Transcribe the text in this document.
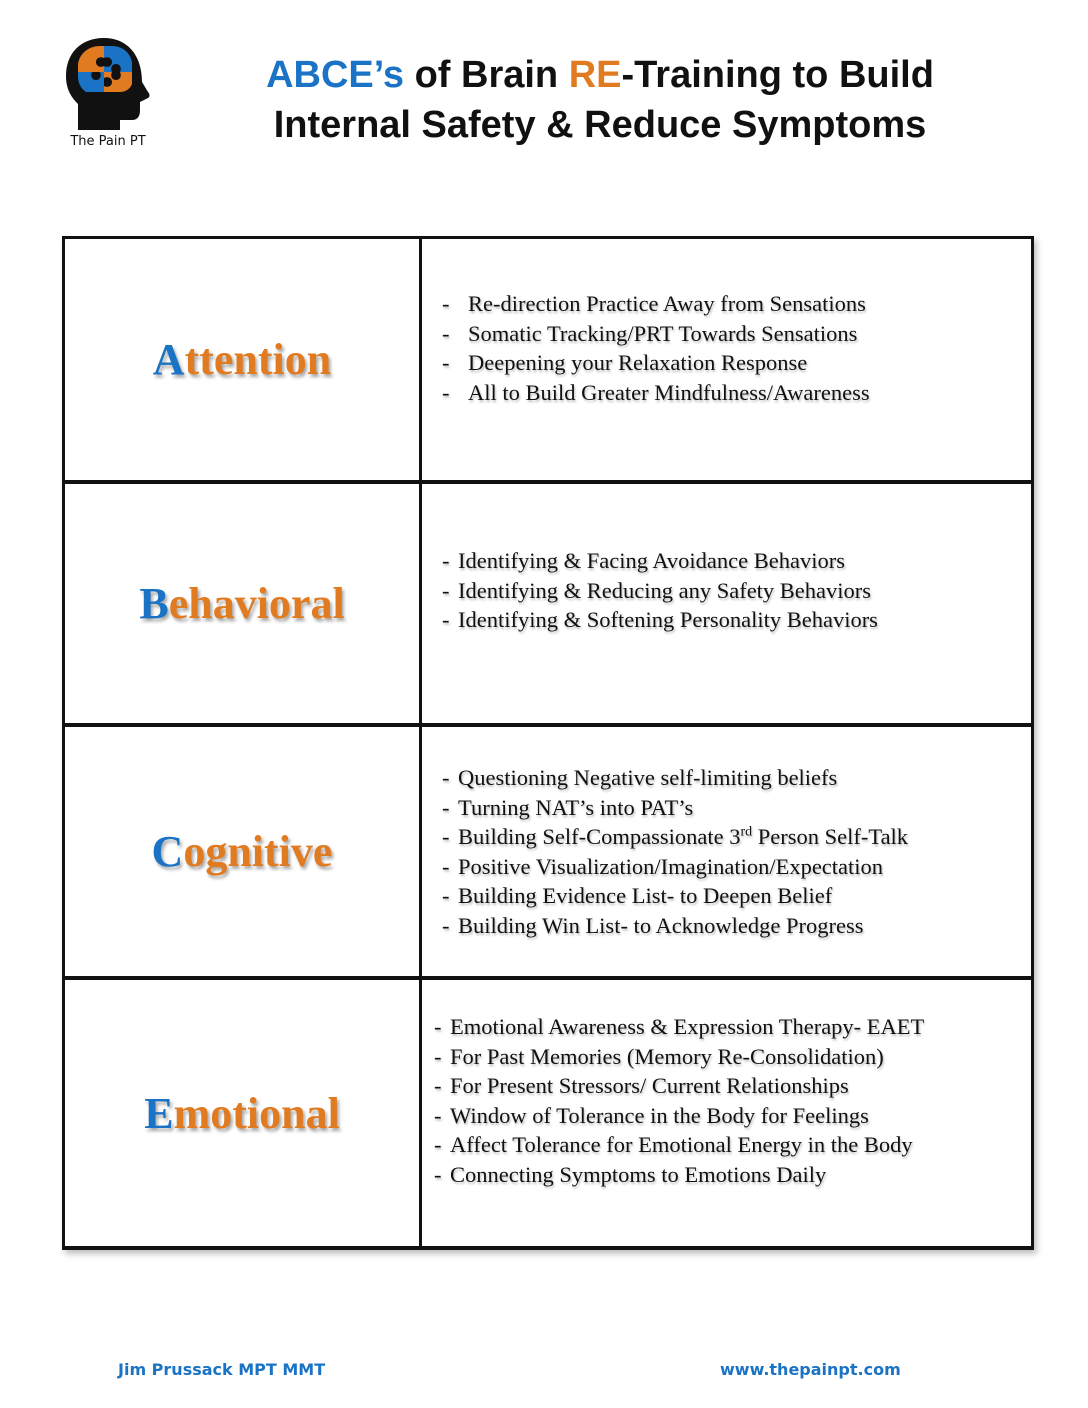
The Pain PT
ABCE’s of Brain RE-Training to Build
Internal Safety & Reduce Symptoms
Attention
- Re-direction Practice Away from Sensations
- Somatic Tracking/PRT Towards Sensations
- Deepening your Relaxation Response
- All to Build Greater Mindfulness/Awareness
Behavioral
- Identifying & Facing Avoidance Behaviors
- Identifying & Reducing any Safety Behaviors
- Identifying & Softening Personality Behaviors
Cognitive
- Questioning Negative self-limiting beliefs
- Turning NAT’s into PAT’s
- Building Self-Compassionate 3rd Person Self-Talk
- Positive Visualization/Imagination/Expectation
- Building Evidence List- to Deepen Belief
- Building Win List- to Acknowledge Progress
Emotional
- Emotional Awareness & Expression Therapy- EAET
- For Past Memories (Memory Re-Consolidation)
- For Present Stressors/ Current Relationships
- Window of Tolerance in the Body for Feelings
- Affect Tolerance for Emotional Energy in the Body
- Connecting Symptoms to Emotions Daily
Jim Prussack MPT MMT	www.thepainpt.com
